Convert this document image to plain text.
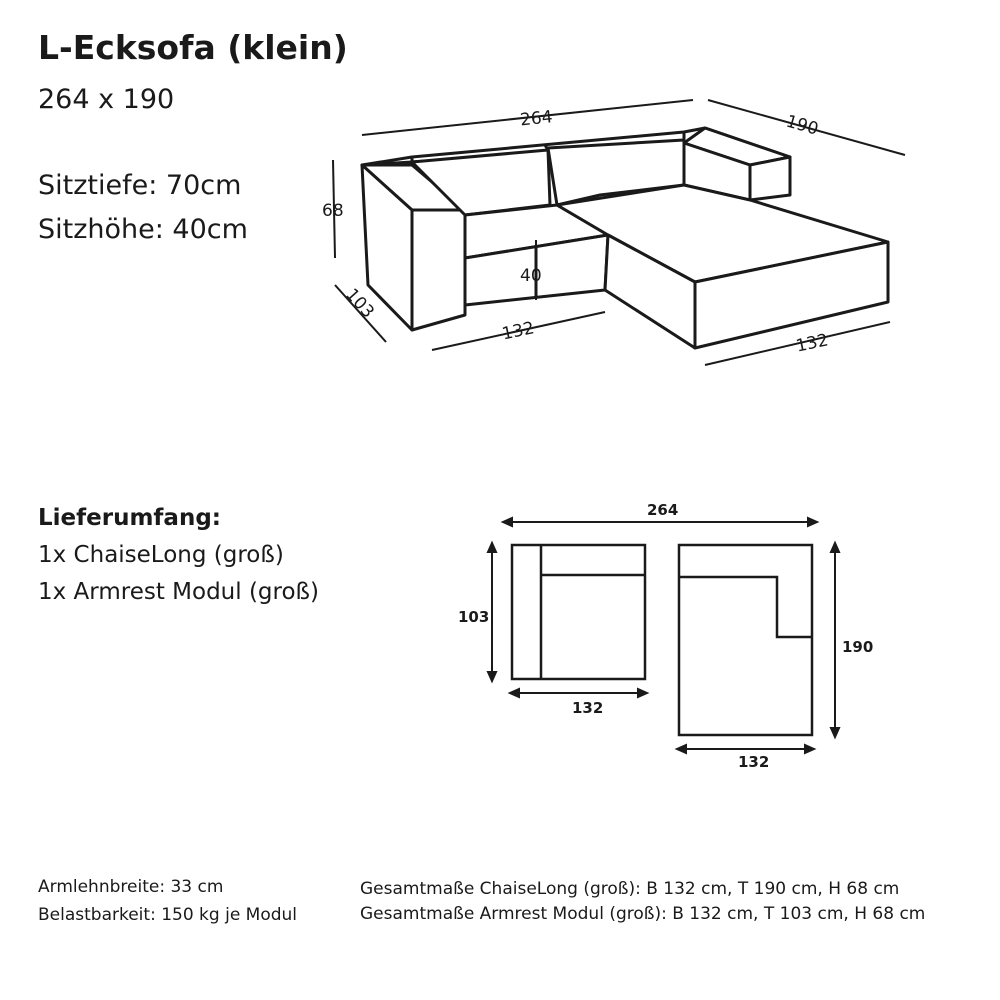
L-Ecksofa (klein)
264 x 190
Sitztiefe: 70cm
Sitzhöhe: 40cm
264	190
68
40
103
132	132
264
103
132
190
132
Lieferumfang:
1x ChaiseLong (groß)
1x Armrest Modul (groß)
Armlehnbreite: 33 cm
Belastbarkeit: 150 kg je Modul
Gesamtmaße ChaiseLong (groß): B 132 cm, T 190 cm, H 68 cm
Gesamtmaße Armrest Modul (groß): B 132 cm, T 103 cm, H 68 cm
